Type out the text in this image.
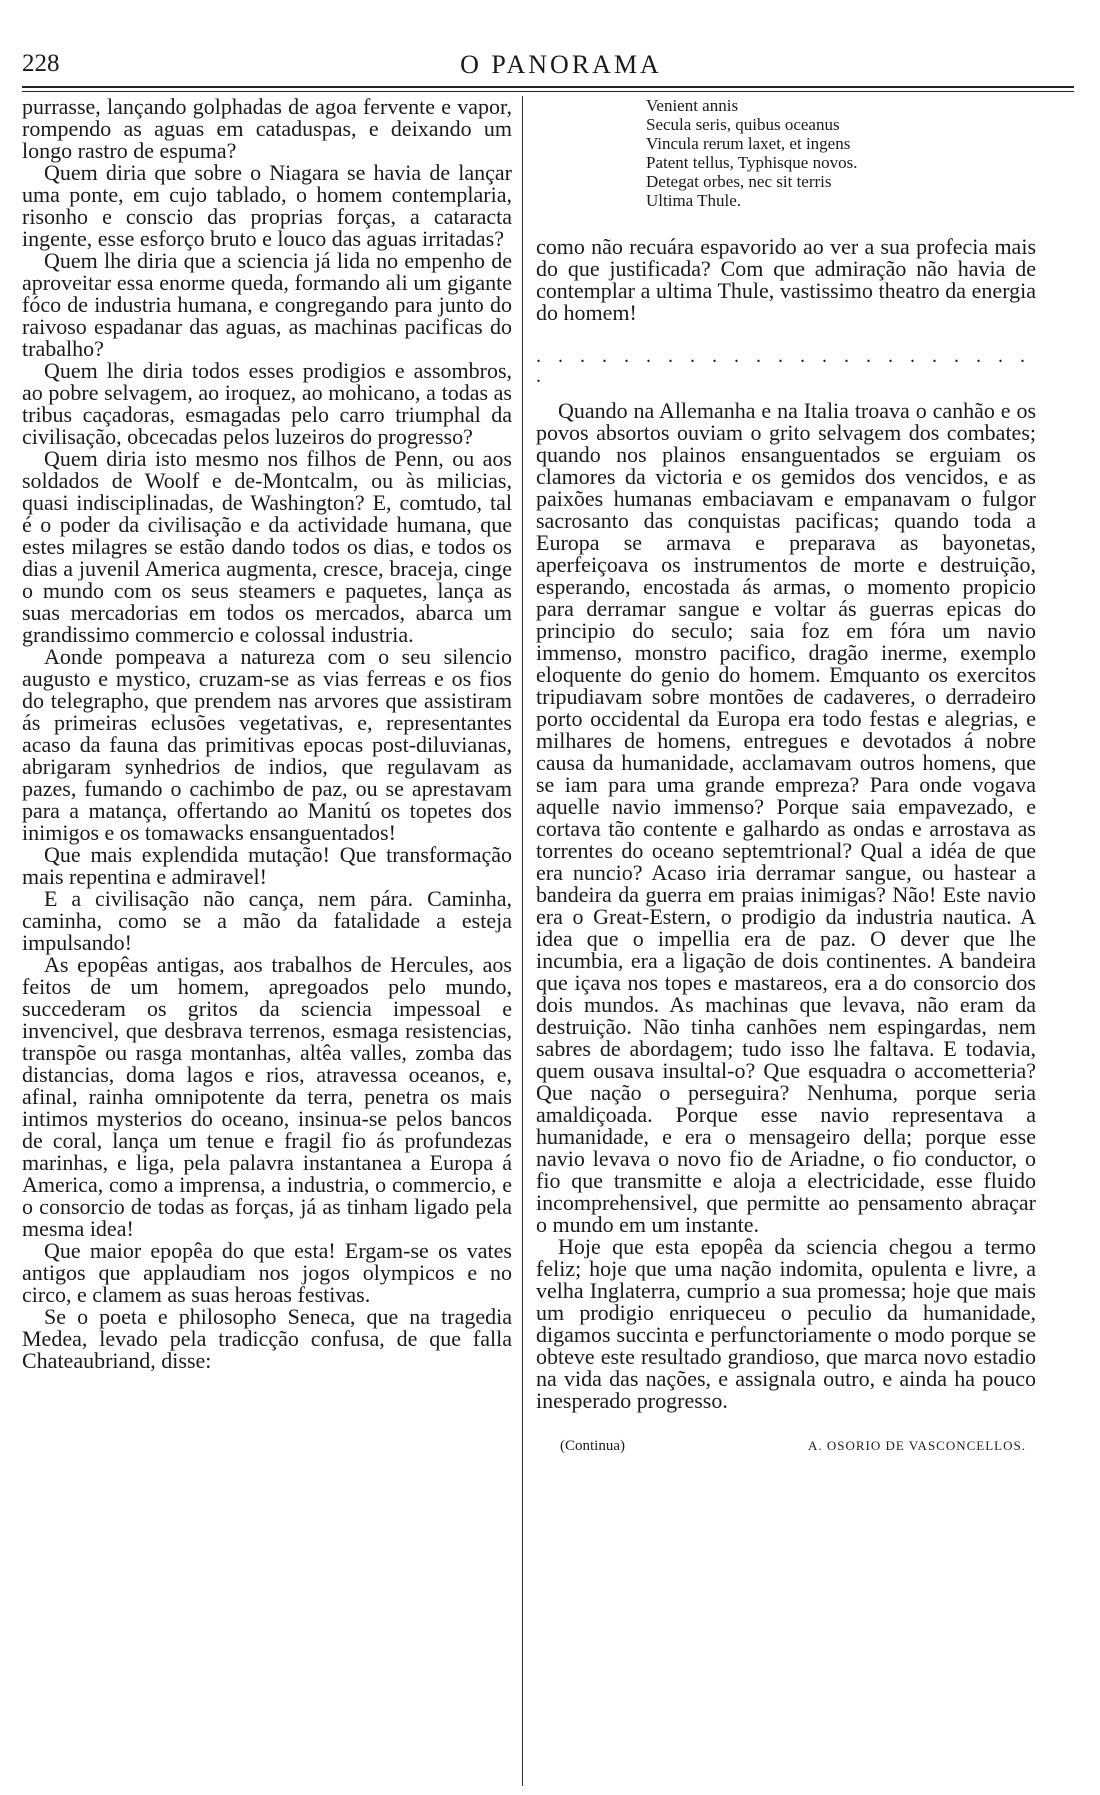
228	O PANORAMA

purrasse, lançando golphadas de agoa fervente e vapor, rompendo as aguas em cataduspas, e deixando um longo rastro de espuma?

Quem diria que sobre o Niagara se havia de lançar uma ponte, em cujo tablado, o homem contemplaria, risonho e conscio das proprias forças, a cataracta ingente, esse esforço bruto e louco das aguas irritadas?

Quem lhe diria que a sciencia já lida no empenho de aproveitar essa enorme queda, formando ali um gigante fóco de industria humana, e congregando para junto do raivoso espadanar das aguas, as machinas pacificas do trabalho?

Quem lhe diria todos esses prodigios e assombros, ao pobre selvagem, ao iroquez, ao mohicano, a todas as tribus caçadoras, esmagadas pelo carro triumphal da civilisação, obcecadas pelos luzeiros do progresso?

Quem diria isto mesmo nos filhos de Penn, ou aos soldados de Woolf e de-Montcalm, ou às milicias, quasi indisciplinadas, de Washington? E, comtudo, tal é o poder da civilisação e da actividade humana, que estes milagres se estão dando todos os dias, e todos os dias a juvenil America augmenta, cresce, braceja, cinge o mundo com os seus steamers e paquetes, lança as suas mercadorias em todos os mercados, abarca um grandissimo commercio e colossal industria.

Aonde pompeava a natureza com o seu silencio augusto e mystico, cruzam-se as vias ferreas e os fios do telegrapho, que prendem nas arvores que assistiram ás primeiras eclusões vegetativas, e, representantes acaso da fauna das primitivas epocas post-diluvianas, abrigaram synhedrios de indios, que regulavam as pazes, fumando o cachimbo de paz, ou se aprestavam para a matança, offertando ao Manitú os topetes dos inimigos e os tomawacks ensanguentados!

Que mais explendida mutação! Que transformação mais repentina e admiravel!

E a civilisação não cança, nem pára. Caminha, caminha, como se a mão da fatalidade a esteja impulsando!

As epopêas antigas, aos trabalhos de Hercules, aos feitos de um homem, apregoados pelo mundo, succederam os gritos da sciencia impessoal e invencivel, que desbrava terrenos, esmaga resistencias, transpõe ou rasga montanhas, altêa valles, zomba das distancias, doma lagos e rios, atravessa oceanos, e, afinal, rainha omnipotente da terra, penetra os mais intimos mysterios do oceano, insinua-se pelos bancos de coral, lança um tenue e fragil fio ás profundezas marinhas, e liga, pela palavra instantanea a Europa á America, como a imprensa, a industria, o commercio, e o consorcio de todas as forças, já as tinham ligado pela mesma idea!

Que maior epopêa do que esta! Ergam-se os vates antigos que applaudiam nos jogos olympicos e no circo, e clamem as suas heroas festivas.

Se o poeta e philosopho Seneca, que na tragedia Medea, levado pela tradicção confusa, de que falla Chateaubriand, disse:

Venient annis
Secula seris, quibus oceanus
Vincula rerum laxet, et ingens
Patent tellus, Typhisque novos.
Detegat orbes, nec sit terris
Ultima Thule.

como não recuára espavorido ao ver a sua profecia mais do que justificada? Com que admiração não havia de contemplar a ultima Thule, vastissimo theatro da energia do homem!

. . . . . . . . . . . . . . . . . . . . . . . .

Quando na Allemanha e na Italia troava o canhão e os povos absortos ouviam o grito selvagem dos combates; quando nos plainos ensanguentados se erguiam os clamores da victoria e os gemidos dos vencidos, e as paixões humanas embaciavam e empanavam o fulgor sacrosanto das conquistas pacificas; quando toda a Europa se armava e preparava as bayonetas, aperfeiçoava os instrumentos de morte e destruição, esperando, encostada ás armas, o momento propicio para derramar sangue e voltar ás guerras epicas do principio do seculo; saia foz em fóra um navio immenso, monstro pacifico, dragão inerme, exemplo eloquente do genio do homem. Emquanto os exercitos tripudiavam sobre montões de cadaveres, o derradeiro porto occidental da Europa era todo festas e alegrias, e milhares de homens, entregues e devotados á nobre causa da humanidade, acclamavam outros homens, que se iam para uma grande empreza? Para onde vogava aquelle navio immenso? Porque saia empavezado, e cortava tão contente e galhardo as ondas e arrostava as torrentes do oceano septemtrional? Qual a idéa de que era nuncio? Acaso iria derramar sangue, ou hastear a bandeira da guerra em praias inimigas? Não! Este navio era o Great-Estern, o prodigio da industria nautica. A idea que o impellia era de paz. O dever que lhe incumbia, era a ligação de dois continentes. A bandeira que içava nos topes e mastareos, era a do consorcio dos dois mundos. As machinas que levava, não eram da destruição. Não tinha canhões nem espingardas, nem sabres de abordagem; tudo isso lhe faltava. E todavia, quem ousava insultal-o? Que esquadra o accometteria? Que nação o perseguira? Nenhuma, porque seria amaldiçoada. Porque esse navio representava a humanidade, e era o mensageiro della; porque esse navio levava o novo fio de Ariadne, o fio conductor, o fio que transmitte e aloja a electricidade, esse fluido incomprehensivel, que permitte ao pensamento abraçar o mundo em um instante.

Hoje que esta epopêa da sciencia chegou a termo feliz; hoje que uma nação indomita, opulenta e livre, a velha Inglaterra, cumprio a sua promessa; hoje que mais um prodigio enriqueceu o peculio da humanidade, digamos succinta e perfunctoriamente o modo porque se obteve este resultado grandioso, que marca novo estadio na vida das nações, e assignala outro, e ainda ha pouco inesperado progresso.

(Continua)	A. OSORIO DE VASCONCELLOS.
